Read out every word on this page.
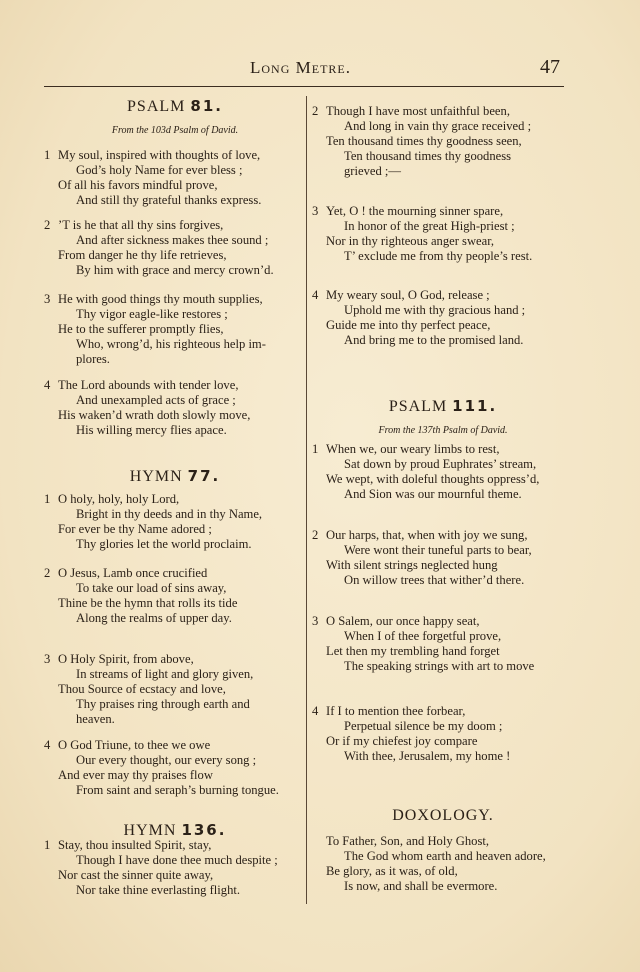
Long Metre.	47
PSALM 81.
From the 103d Psalm of David.
1 My soul, inspired with thoughts of love,
God’s holy Name for ever bless ;
Of all his favors mindful prove,
And still thy grateful thanks express.
2 ’T is he that all thy sins forgives,
And after sickness makes thee sound ;
From danger he thy life retrieves,
By him with grace and mercy crown’d.
3 He with good things thy mouth supplies,
Thy vigor eagle-like restores ;
He to the sufferer promptly flies,
Who, wrong’d, his righteous help im-
plores.
4 The Lord abounds with tender love,
And unexampled acts of grace ;
His waken’d wrath doth slowly move,
His willing mercy flies apace.
HYMN 77.
1 O holy, holy, holy Lord,
Bright in thy deeds and in thy Name,
For ever be thy Name adored ;
Thy glories let the world proclaim.
2 O Jesus, Lamb once crucified
To take our load of sins away,
Thine be the hymn that rolls its tide
Along the realms of upper day.
3 O Holy Spirit, from above,
In streams of light and glory given,
Thou Source of ecstacy and love,
Thy praises ring through earth and
heaven.
4 O God Triune, to thee we owe
Our every thought, our every song ;
And ever may thy praises flow
From saint and seraph’s burning tongue.
HYMN 136.
1 Stay, thou insulted Spirit, stay,
Though I have done thee much despite ;
Nor cast the sinner quite away,
Nor take thine everlasting flight.
2 Though I have most unfaithful been,
And long in vain thy grace received ;
Ten thousand times thy goodness seen,
Ten thousand times thy goodness
grieved ;—
3 Yet, O ! the mourning sinner spare,
In honor of the great High-priest ;
Nor in thy righteous anger swear,
T’ exclude me from thy people’s rest.
4 My weary soul, O God, release ;
Uphold me with thy gracious hand ;
Guide me into thy perfect peace,
And bring me to the promised land.
PSALM 111.
From the 137th Psalm of David.
1 When we, our weary limbs to rest,
Sat down by proud Euphrates’ stream,
We wept, with doleful thoughts oppress’d,
And Sion was our mournful theme.
2 Our harps, that, when with joy we sung,
Were wont their tuneful parts to bear,
With silent strings neglected hung
On willow trees that wither’d there.
3 O Salem, our once happy seat,
When I of thee forgetful prove,
Let then my trembling hand forget
The speaking strings with art to move
4 If I to mention thee forbear,
Perpetual silence be my doom ;
Or if my chiefest joy compare
With thee, Jerusalem, my home !
DOXOLOGY.
To Father, Son, and Holy Ghost,
The God whom earth and heaven adore,
Be glory, as it was, of old,
Is now, and shall be evermore.
